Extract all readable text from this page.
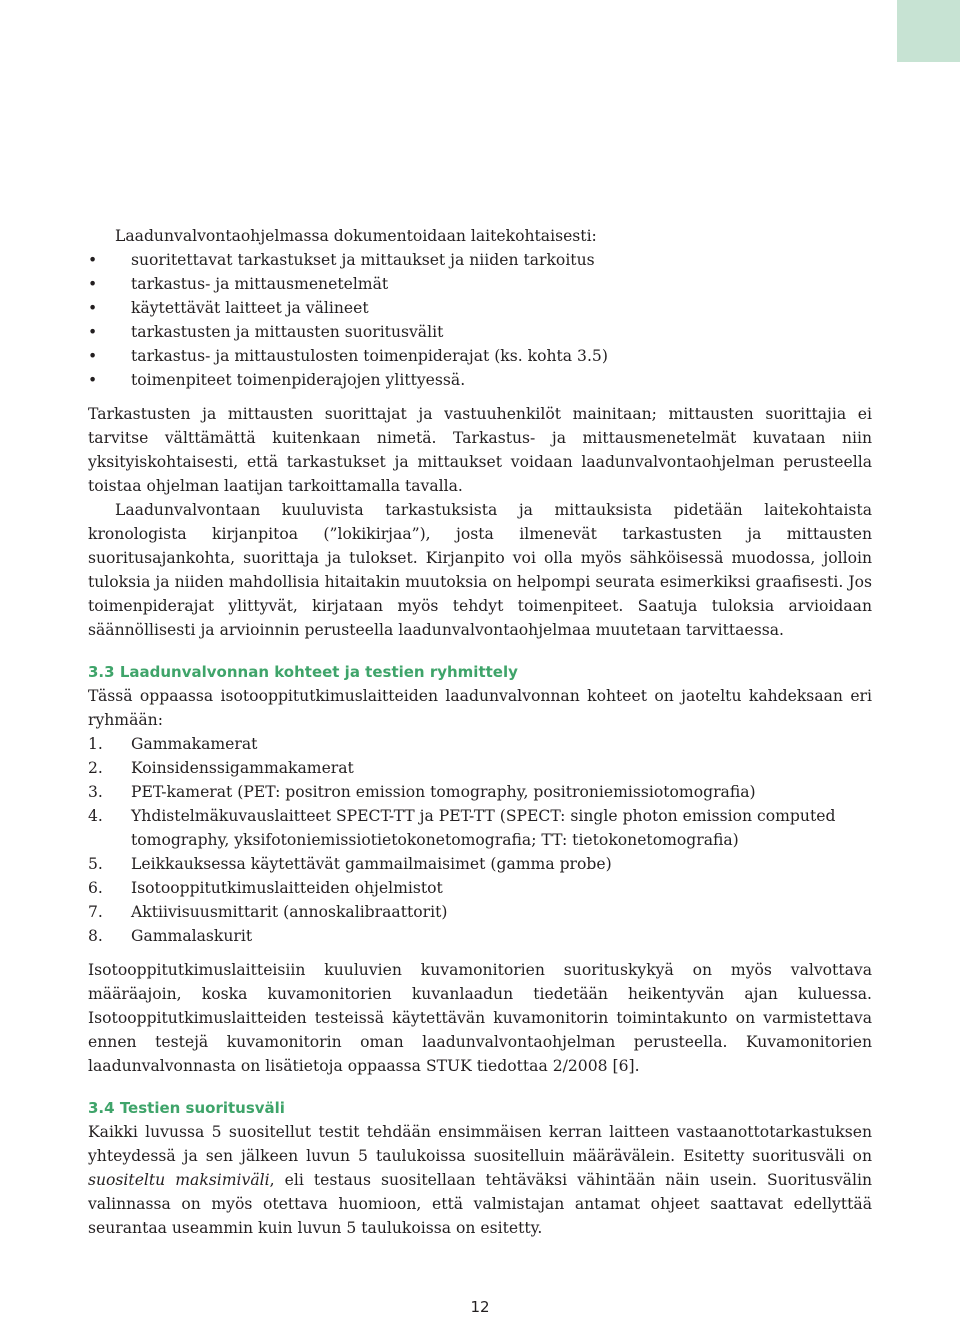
Laadunvalvontaohjelmassa dokumentoidaan laitekohtaisesti:

• suoritettavat tarkastukset ja mittaukset ja niiden tarkoitus
• tarkastus- ja mittausmenetelmät
• käytettävät laitteet ja välineet
• tarkastusten ja mittausten suoritusvälit
• tarkastus- ja mittaustulosten toimenpiderajat (ks. kohta 3.5)
• toimenpiteet toimenpiderajojen ylittyessä.

Tarkastusten ja mittausten suorittajat ja vastuuhenkilöt mainitaan; mittausten suorittajia ei tarvitse välttämättä kuitenkaan nimetä. Tarkastus- ja mittausmenetelmät kuvataan niin yksityiskohtaisesti, että tarkastukset ja mittaukset voidaan laadunvalvontaohjelman perusteella toistaa ohjelman laatijan tarkoittamalla tavalla.

Laadunvalvontaan kuuluvista tarkastuksista ja mittauksista pidetään laitekohtaista kronologista kirjanpitoa (”lokikirjaa”), josta ilmenevät tarkastusten ja mittausten suoritusajankohta, suorittaja ja tulokset. Kirjanpito voi olla myös sähköisessä muodossa, jolloin tuloksia ja niiden mahdollisia hitaitakin muutoksia on helpompi seurata esimerkiksi graafisesti. Jos toimenpiderajat ylittyvät, kirjataan myös tehdyt toimenpiteet. Saatuja tuloksia arvioidaan säännöllisesti ja arvioinnin perusteella laadunvalvontaohjelmaa muutetaan tarvittaessa.

3.3 Laadunvalvonnan kohteet ja testien ryhmittely

Tässä oppaassa isotooppitutkimuslaitteiden laadunvalvonnan kohteet on jaoteltu kahdeksaan eri ryhmään:

1. Gammakamerat
2. Koinsidenssigammakamerat
3. PET-kamerat (PET: positron emission tomography, positroniemissiotomografia)
4. Yhdistelmäkuvauslaitteet SPECT-TT ja PET-TT (SPECT: single photon emission computed tomography, yksifotoniemissiotietokonetomografia; TT: tietokonetomografia)
5. Leikkauksessa käytettävät gammailmaisimet (gamma probe)
6. Isotooppitutkimuslaitteiden ohjelmistot
7. Aktiivisuusmittarit (annoskalibraattorit)
8. Gammalaskurit

Isotooppitutkimuslaitteisiin kuuluvien kuvamonitorien suorituskykyä on myös valvottava määräajoin, koska kuvamonitorien kuvanlaadun tiedetään heikentyvän ajan kuluessa. Isotooppitutkimuslaitteiden testeissä käytettävän kuvamonitorin toimintakunto on varmistettava ennen testejä kuvamonitorin oman laadunvalvontaohjelman perusteella. Kuvamonitorien laadunvalvonnasta on lisätietoja oppaassa STUK tiedottaa 2/2008 [6].

3.4 Testien suoritusväli

Kaikki luvussa 5 suositellut testit tehdään ensimmäisen kerran laitteen vastaanottotarkastuksen yhteydessä ja sen jälkeen luvun 5 taulukoissa suositelluin määrävälein. Esitetty suoritusväli on suositeltu maksimiväli, eli testaus suositellaan tehtäväksi vähintään näin usein. Suoritusvälin valinnassa on myös otettava huomioon, että valmistajan antamat ohjeet saattavat edellyttää seurantaa useammin kuin luvun 5 taulukoissa on esitetty.

12
